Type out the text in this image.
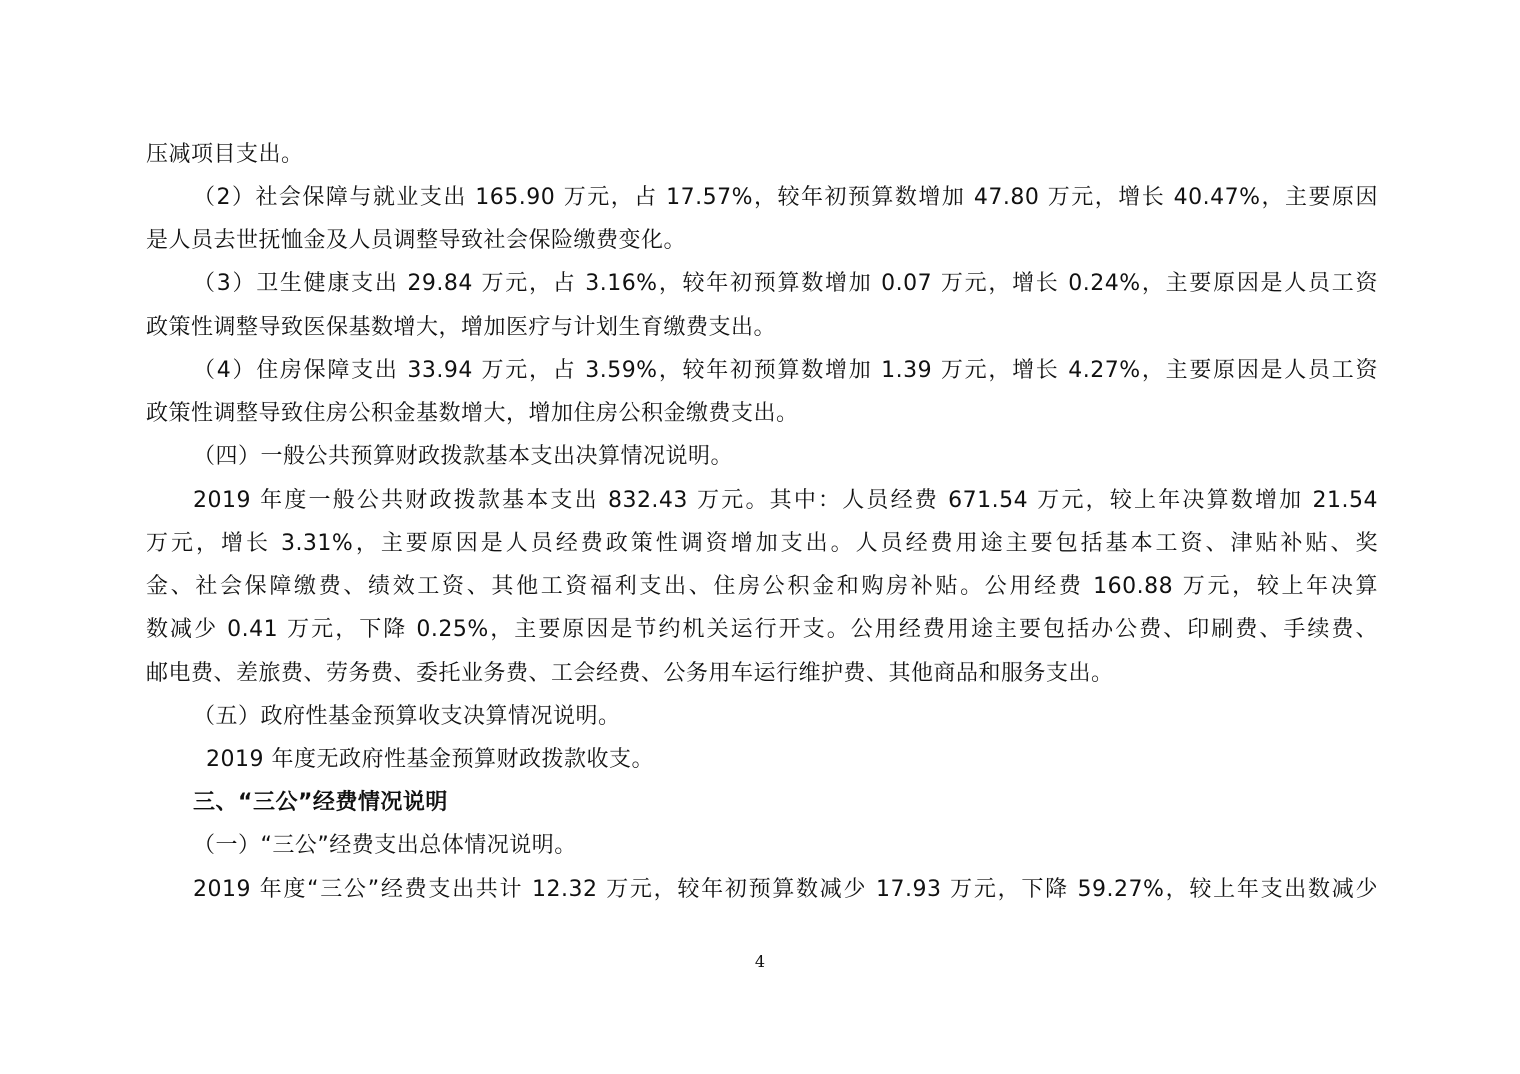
压减项目支出。
（2）社会保障与就业支出 165.90 万元，占 17.57%，较年初预算数增加 47.80 万元，增长 40.47%，主要原因
是人员去世抚恤金及人员调整导致社会保险缴费变化。
（3）卫生健康支出 29.84 万元，占 3.16%，较年初预算数增加 0.07 万元，增长 0.24%，主要原因是人员工资
政策性调整导致医保基数增大，增加医疗与计划生育缴费支出。
（4）住房保障支出 33.94 万元，占 3.59%，较年初预算数增加 1.39 万元，增长 4.27%，主要原因是人员工资
政策性调整导致住房公积金基数增大，增加住房公积金缴费支出。
（四）一般公共预算财政拨款基本支出决算情况说明。
2019 年度一般公共财政拨款基本支出 832.43 万元。其中：人员经费 671.54 万元，较上年决算数增加 21.54
万元，增长 3.31%，主要原因是人员经费政策性调资增加支出。人员经费用途主要包括基本工资、津贴补贴、奖
金、社会保障缴费、绩效工资、其他工资福利支出、住房公积金和购房补贴。公用经费 160.88 万元，较上年决算
数减少 0.41 万元，下降 0.25%，主要原因是节约机关运行开支。公用经费用途主要包括办公费、印刷费、手续费、
邮电费、差旅费、劳务费、委托业务费、工会经费、公务用车运行维护费、其他商品和服务支出。
（五）政府性基金预算收支决算情况说明。
2019 年度无政府性基金预算财政拨款收支。
三、“三公”经费情况说明
（一）“三公”经费支出总体情况说明。
2019 年度“三公”经费支出共计 12.32 万元，较年初预算数减少 17.93 万元，下降 59.27%，较上年支出数减少
4
